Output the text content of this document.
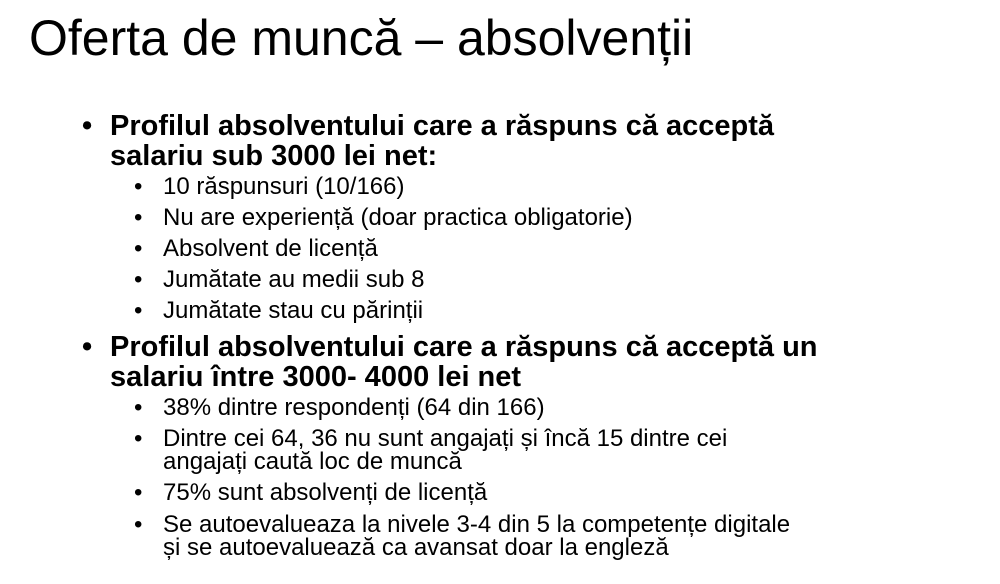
Oferta de muncă – absolvenții
• Profilul absolventului care a răspuns că acceptă
salariu sub 3000 lei net:
• 10 răspunsuri (10/166)
• Nu are experiență (doar practica obligatorie)
• Absolvent de licență
• Jumătate au medii sub 8
• Jumătate stau cu părinții
• Profilul absolventului care a răspuns că acceptă un
salariu între 3000- 4000 lei net
• 38% dintre respondenți (64 din 166)
• Dintre cei 64, 36 nu sunt angajați și încă 15 dintre cei
angajați caută loc de muncă
• 75% sunt absolvenți de licență
• Se autoevalueaza la nivele 3-4 din 5 la competențe digitale
și se autoevaluează ca avansat doar la engleză
